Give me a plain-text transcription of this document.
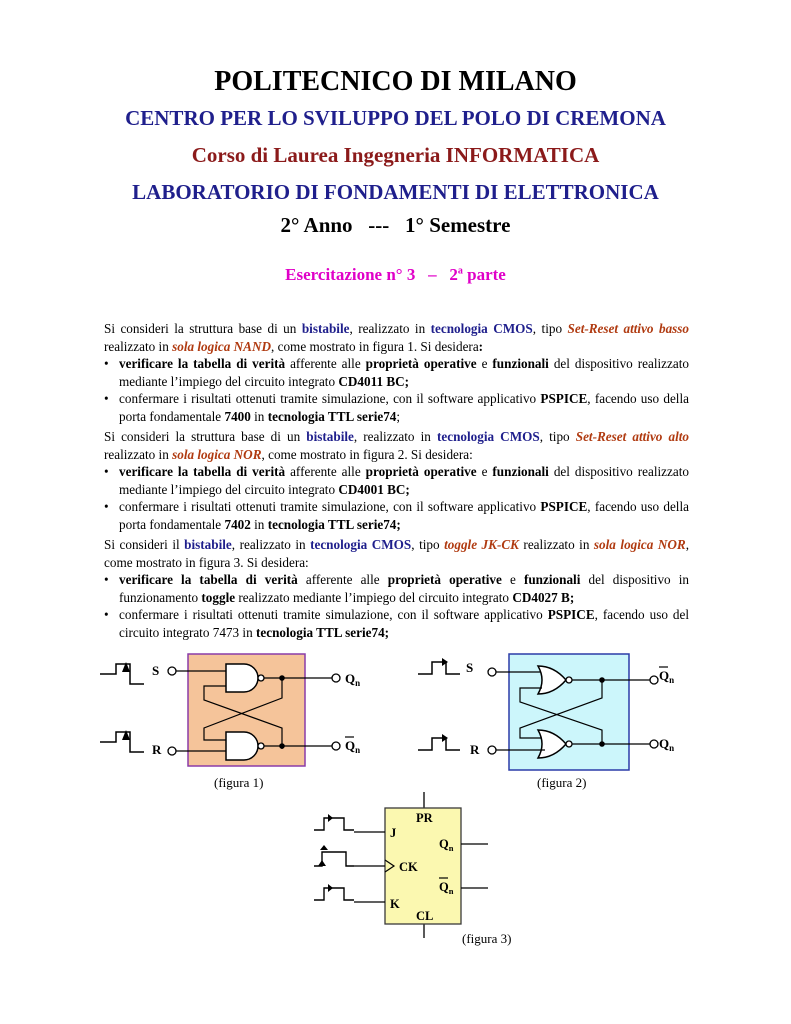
POLITECNICO DI MILANO
CENTRO PER LO SVILUPPO DEL POLO DI CREMONA
Corso di Laurea Ingegneria INFORMATICA
LABORATORIO DI FONDAMENTI DI ELETTRONICA
2° Anno   ---   1° Semestre
Esercitazione n° 3   –   2$^a$ parte

Si consideri la struttura base di un bistabile, realizzato in tecnologia CMOS, tipo Set-Reset attivo basso realizzato in sola logica NAND, come mostrato in figura 1. Si desidera:

• verificare la tabella di verità afferente alle proprietà operative e funzionali del dispositivo realizzato mediante l’impiego del circuito integrato CD4011 BC;
• confermare i risultati ottenuti tramite simulazione, con il software applicativo PSPICE, facendo uso della porta fondamentale 7400 in tecnologia TTL serie74;

Si consideri la struttura base di un bistabile, realizzato in tecnologia CMOS, tipo Set-Reset attivo alto realizzato in sola logica NOR, come mostrato in figura 2. Si desidera:

• verificare la tabella di verità afferente alle proprietà operative e funzionali del dispositivo realizzato mediante l’impiego del circuito integrato CD4001 BC;
• confermare i risultati ottenuti tramite simulazione, con il software applicativo PSPICE, facendo uso della porta fondamentale 7402 in tecnologia TTL serie74;

Si consideri il bistabile, realizzato in tecnologia CMOS, tipo toggle JK-CK realizzato in sola logica NOR, come mostrato in figura 3. Si desidera:

• verificare la tabella di verità afferente alle proprietà operative e funzionali del dispositivo in funzionamento toggle realizzato mediante l’impiego del circuito integrato CD4027 B;
• confermare i risultati ottenuti tramite simulazione, con il software applicativo PSPICE, facendo uso del circuito integrato 7473 in tecnologia TTL serie74;
S
$Q_n$
$Q_n$
R
(figura 1)
S
$Q_n$
$Q_n$
R
(figura 2)
PR
J
CK
K
CL
$Q_n$
$Q_n$
(figura 3)
